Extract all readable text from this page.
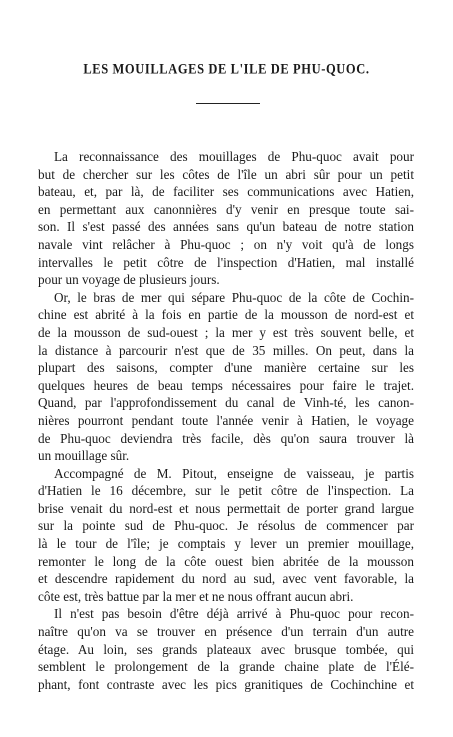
LES MOUILLAGES DE L'ILE DE PHU-QUOC.

La reconnaissance des mouillages de Phu-quoc avait pour
but de chercher sur les côtes de l'île un abri sûr pour un petit
bateau, et, par là, de faciliter ses communications avec Hatien,
en permettant aux canonnières d'y venir en presque toute sai-
son. Il s'est passé des années sans qu'un bateau de notre station
navale vint relâcher à Phu-quoc ; on n'y voit qu'à de longs
intervalles le petit côtre de l'inspection d'Hatien, mal installé
pour un voyage de plusieurs jours.

Or, le bras de mer qui sépare Phu-quoc de la côte de Cochin-
chine est abrité à la fois en partie de la mousson de nord-est et
de la mousson de sud-ouest ; la mer y est très souvent belle, et
la distance à parcourir n'est que de 35 milles. On peut, dans la
plupart des saisons, compter d'une manière certaine sur les
quelques heures de beau temps nécessaires pour faire le trajet.
Quand, par l'approfondissement du canal de Vinh-té, les canon-
nières pourront pendant toute l'année venir à Hatien, le voyage
de Phu-quoc deviendra très facile, dès qu'on saura trouver là
un mouillage sûr.

Accompagné de M. Pitout, enseigne de vaisseau, je partis
d'Hatien le 16 décembre, sur le petit côtre de l'inspection. La
brise venait du nord-est et nous permettait de porter grand largue
sur la pointe sud de Phu-quoc. Je résolus de commencer par
là le tour de l'île; je comptais y lever un premier mouillage,
remonter le long de la côte ouest bien abritée de la mousson
et descendre rapidement du nord au sud, avec vent favorable, la
côte est, très battue par la mer et ne nous offrant aucun abri.

Il n'est pas besoin d'être déjà arrivé à Phu-quoc pour recon-
naître qu'on va se trouver en présence d'un terrain d'un autre
étage. Au loin, ses grands plateaux avec brusque tombée, qui
semblent le prolongement de la grande chaine plate de l'Élé-
phant, font contraste avec les pics granitiques de Cochinchine et
